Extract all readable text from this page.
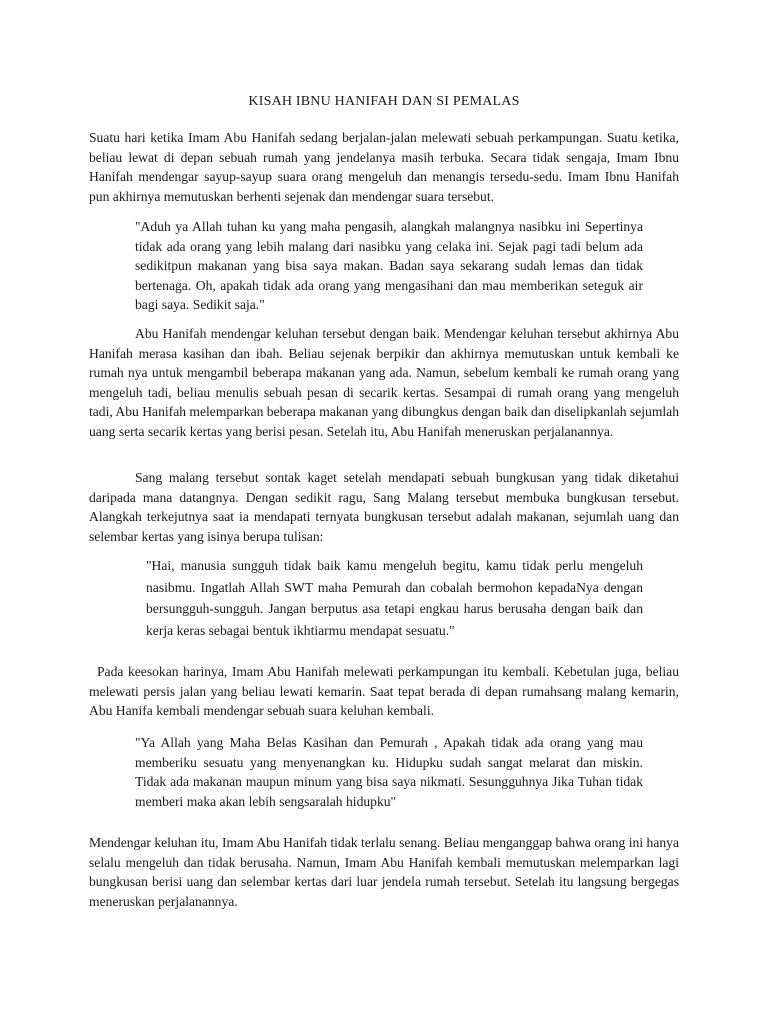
KISAH IBNU HANIFAH DAN SI PEMALAS

Suatu hari ketika Imam Abu Hanifah sedang berjalan-jalan melewati sebuah perkampungan. Suatu ketika, beliau lewat di depan sebuah rumah yang jendelanya masih terbuka. Secara tidak sengaja, Imam Ibnu Hanifah mendengar sayup-sayup suara orang mengeluh dan menangis tersedu-sedu. Imam Ibnu Hanifah pun akhirnya memutuskan berhenti sejenak dan mendengar suara tersebut.

"Aduh ya Allah tuhan ku yang maha pengasih, alangkah malangnya nasibku ini Sepertinya tidak ada orang yang lebih malang dari nasibku yang celaka ini. Sejak pagi tadi belum ada sedikitpun makanan yang bisa saya makan. Badan saya sekarang sudah lemas dan tidak bertenaga. Oh, apakah tidak ada orang yang mengasihani dan mau memberikan seteguk air bagi saya. Sedikit saja."

Abu Hanifah mendengar keluhan tersebut dengan baik. Mendengar keluhan tersebut akhirnya Abu Hanifah merasa kasihan dan ibah. Beliau sejenak berpikir dan akhirnya memutuskan untuk kembali ke rumah nya untuk mengambil beberapa makanan yang ada. Namun, sebelum kembali ke rumah orang yang mengeluh tadi, beliau menulis sebuah pesan di secarik kertas. Sesampai di rumah orang yang mengeluh tadi, Abu Hanifah melemparkan beberapa makanan yang dibungkus dengan baik dan diselipkanlah sejumlah uang serta secarik kertas yang berisi pesan. Setelah itu, Abu Hanifah meneruskan perjalanannya.

Sang malang tersebut sontak kaget setelah mendapati sebuah bungkusan yang tidak diketahui daripada mana datangnya. Dengan sedikit ragu, Sang Malang tersebut membuka bungkusan tersebut. Alangkah terkejutnya saat ia mendapati ternyata bungkusan tersebut adalah makanan, sejumlah uang dan selembar kertas yang isinya berupa tulisan:

"Hai, manusia sungguh tidak baik kamu mengeluh begitu, kamu tidak perlu mengeluh nasibmu. Ingatlah Allah SWT maha Pemurah dan cobalah bermohon kepadaNya dengan bersungguh-sungguh. Jangan berputus asa tetapi engkau harus berusaha dengan baik dan kerja keras sebagai bentuk ikhtiarmu mendapat sesuatu."

Pada keesokan harinya, Imam Abu Hanifah melewati perkampungan itu kembali. Kebetulan juga, beliau melewati persis jalan yang beliau lewati kemarin. Saat tepat berada di depan rumahsang malang kemarin, Abu Hanifa kembali mendengar sebuah suara keluhan kembali.

"Ya Allah yang Maha Belas Kasihan dan Pemurah , Apakah tidak ada orang yang mau memberiku sesuatu yang menyenangkan ku. Hidupku sudah sangat melarat dan miskin. Tidak ada makanan maupun minum yang bisa saya nikmati. Sesungguhnya Jika Tuhan tidak memberi maka akan lebih sengsaralah hidupku"

Mendengar keluhan itu, Imam Abu Hanifah tidak terlalu senang. Beliau menganggap bahwa orang ini hanya selalu mengeluh dan tidak berusaha. Namun, Imam Abu Hanifah kembali memutuskan melemparkan lagi bungkusan berisi uang dan selembar kertas dari luar jendela rumah tersebut. Setelah itu langsung bergegas meneruskan perjalanannya.
